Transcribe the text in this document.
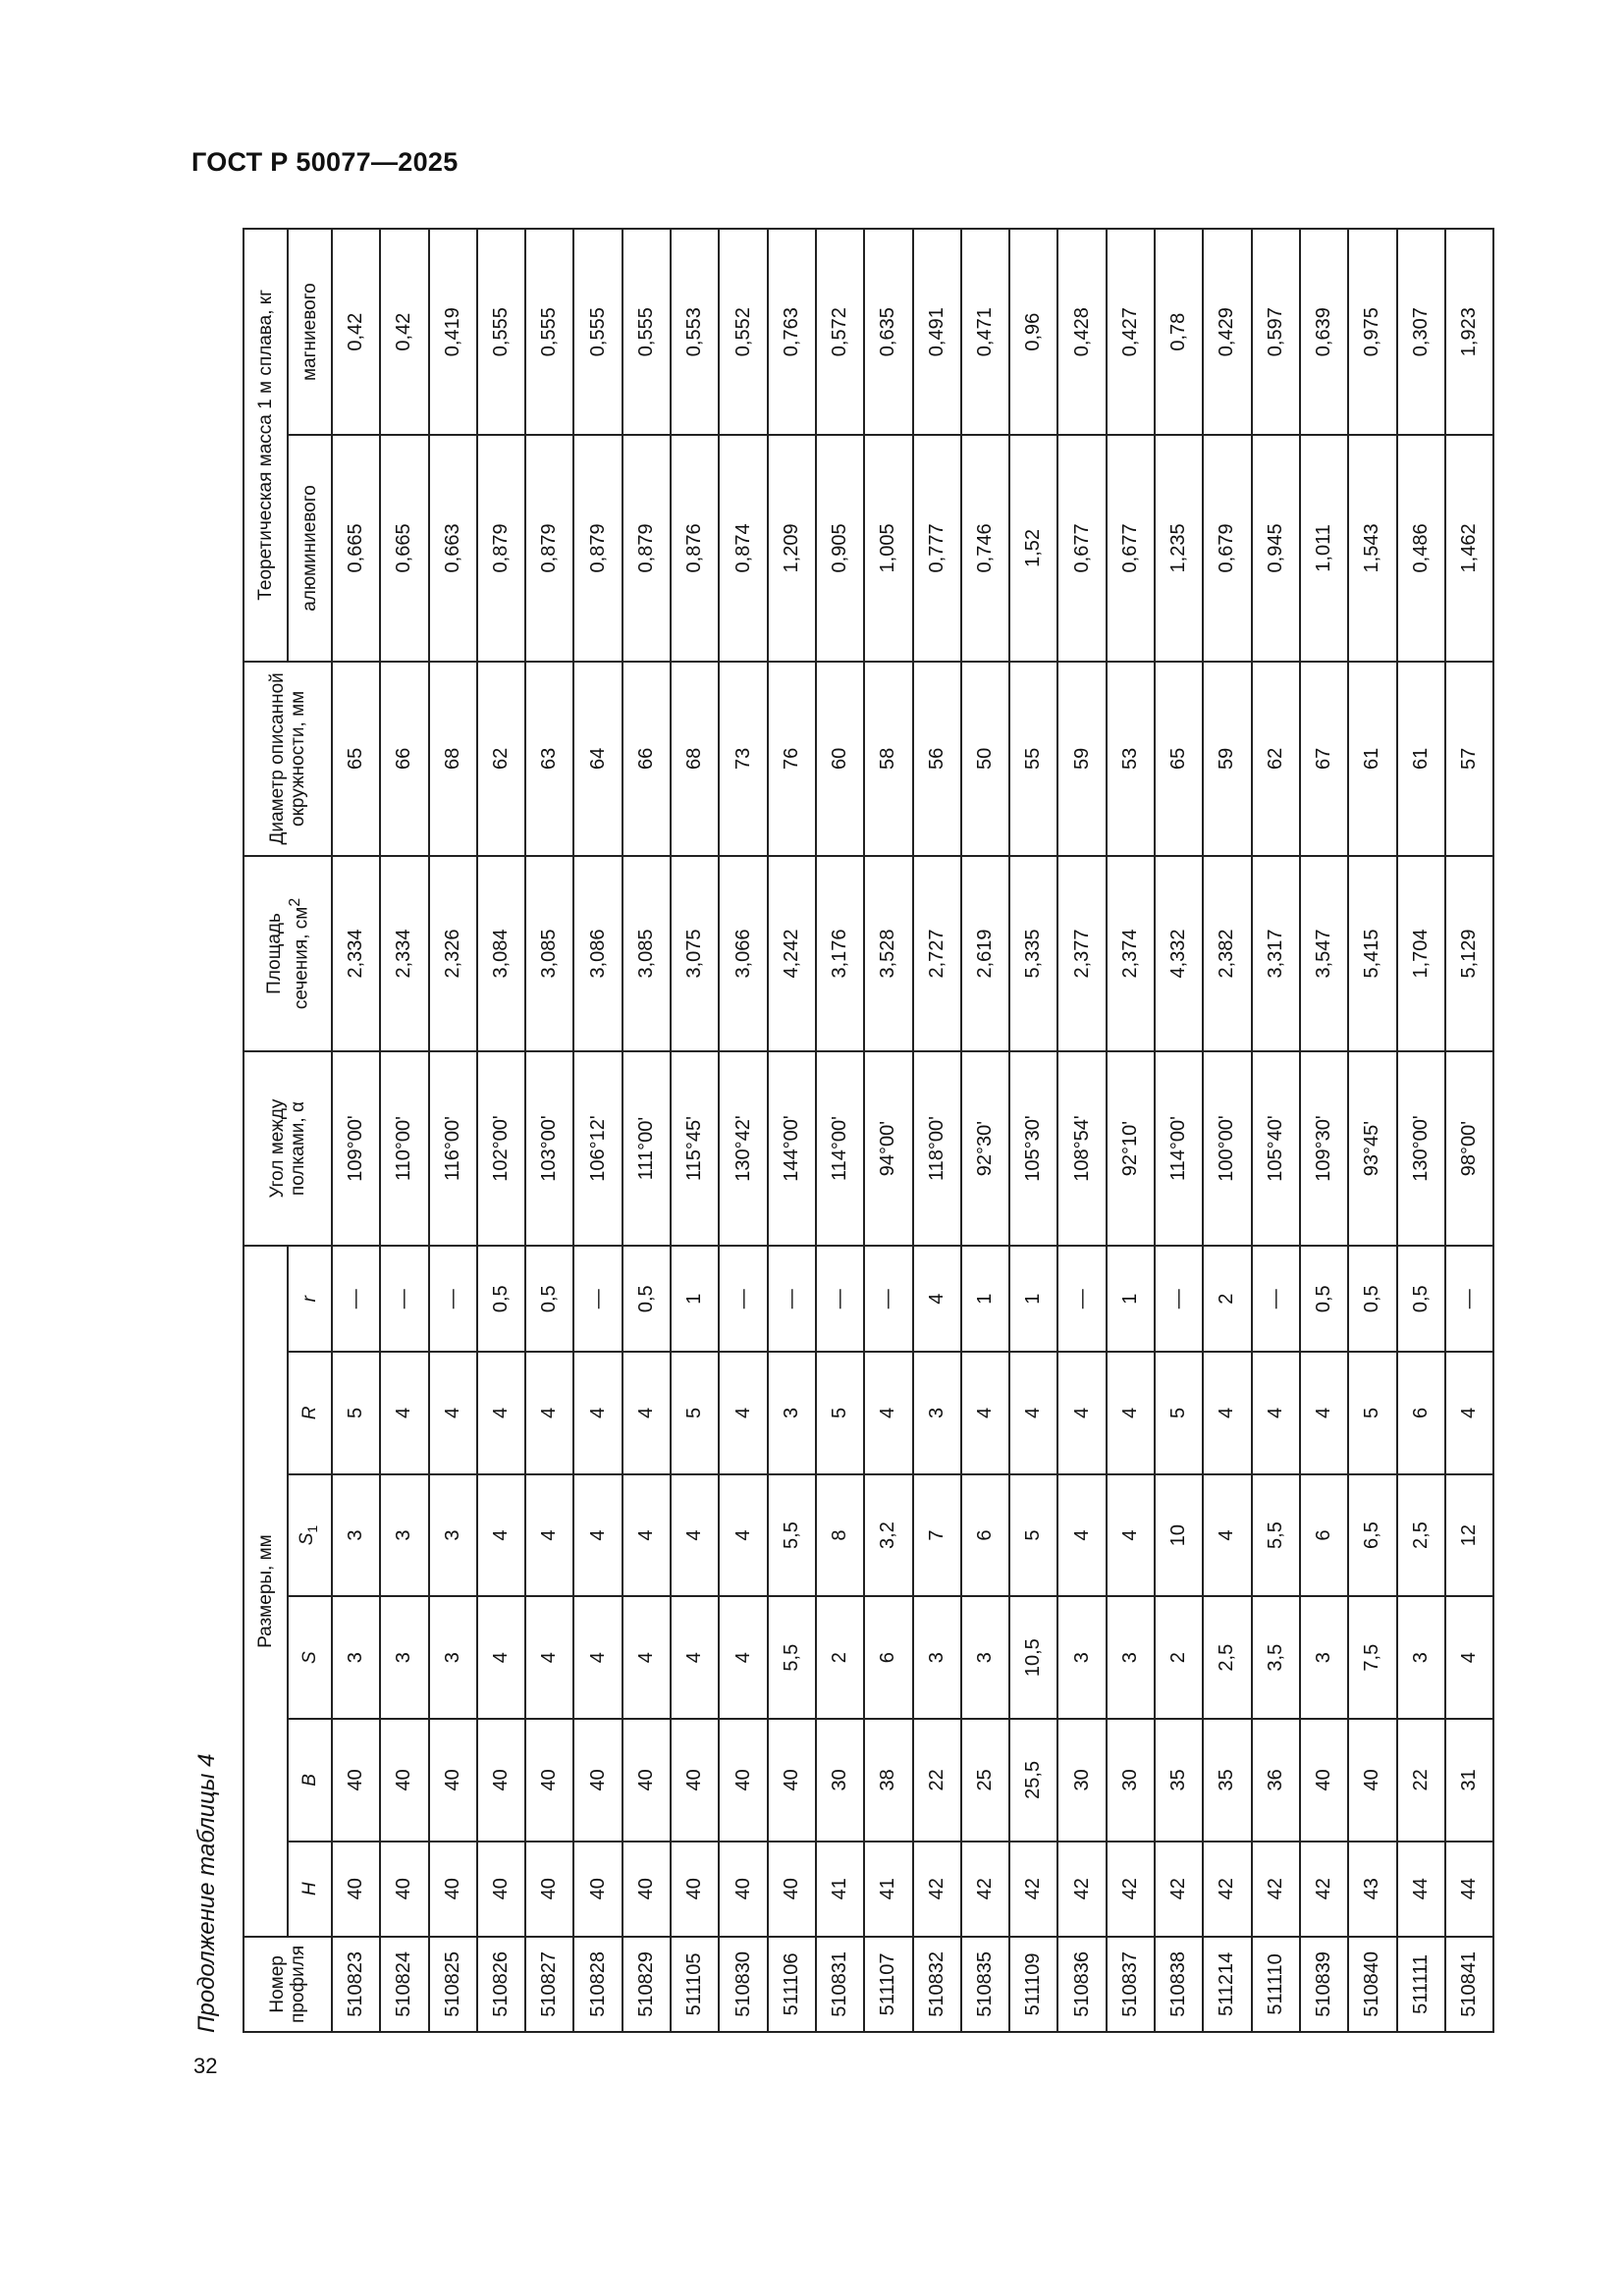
ГОСТ Р 50077—2025
Продолжение таблицы 4	Номер профиля	Размеры, мм						Угол между полками, α	Площадь сечения, $см^2$	Диаметр описанной окружности, мм	Теоретическая масса 1 м сплава, кг	
	H	B	S	$S_1$	R	r				алюминиевого	магниевого
510823	40	40	3	3	5	—	109°00'	2,334	65	0,665	0,42
510824	40	40	3	3	4	—	110°00'	2,334	66	0,665	0,42
510825	40	40	3	3	4	—	116°00'	2,326	68	0,663	0,419
510826	40	40	4	4	4	0,5	102°00'	3,084	62	0,879	0,555
510827	40	40	4	4	4	0,5	103°00'	3,085	63	0,879	0,555
510828	40	40	4	4	4	—	106°12'	3,086	64	0,879	0,555
510829	40	40	4	4	4	0,5	111°00'	3,085	66	0,879	0,555
511105	40	40	4	4	5	1	115°45'	3,075	68	0,876	0,553
510830	40	40	4	4	4	—	130°42'	3,066	73	0,874	0,552
511106	40	40	5,5	5,5	3	—	144°00'	4,242	76	1,209	0,763
510831	41	30	2	8	5	—	114°00'	3,176	60	0,905	0,572
511107	41	38	6	3,2	4	—	94°00'	3,528	58	1,005	0,635
510832	42	22	3	7	3	4	118°00'	2,727	56	0,777	0,491
510835	42	25	3	6	4	1	92°30'	2,619	50	0,746	0,471
511109	42	25,5	10,5	5	4	1	105°30'	5,335	55	1,52	0,96
510836	42	30	3	4	4	—	108°54'	2,377	59	0,677	0,428
510837	42	30	3	4	4	1	92°10'	2,374	53	0,677	0,427
510838	42	35	2	10	5	—	114°00'	4,332	65	1,235	0,78
511214	42	35	2,5	4	4	2	100°00'	2,382	59	0,679	0,429
511110	42	36	3,5	5,5	4	—	105°40'	3,317	62	0,945	0,597
510839	42	40	3	6	4	0,5	109°30'	3,547	67	1,011	0,639
510840	43	40	7,5	6,5	5	0,5	93°45'	5,415	61	1,543	0,975
511111	44	22	3	2,5	6	0,5	130°00'	1,704	61	0,486	0,307
510841	44	31	4	12	4	—	98°00'	5,129	57	1,462	1,923
32
